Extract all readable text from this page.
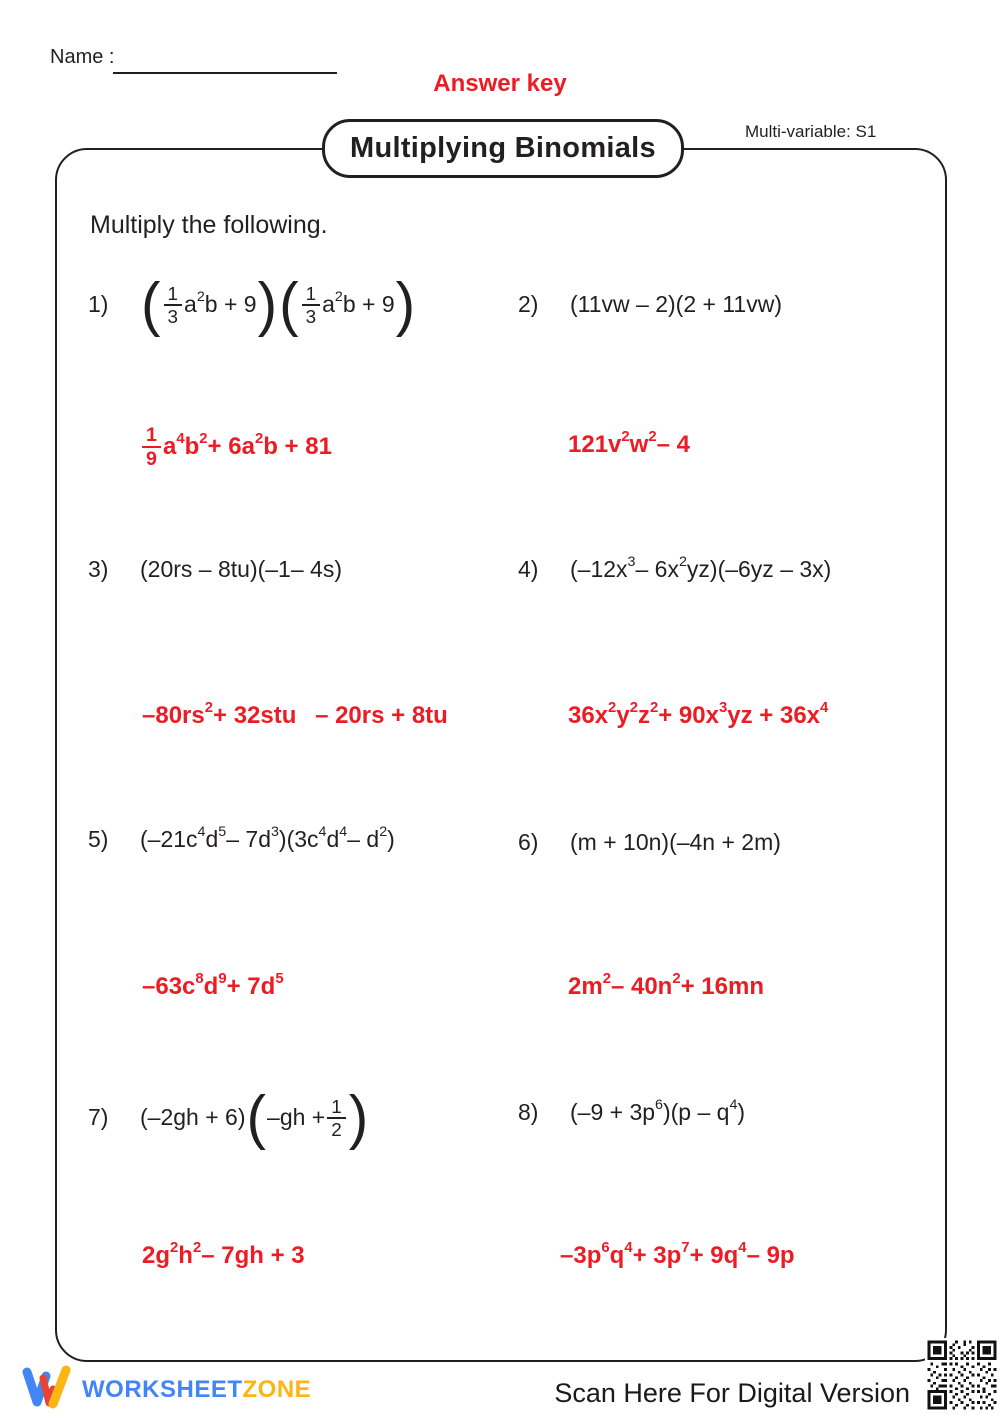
Name :
Answer key
Multiplying Binomials
Multi-variable: S1
Multiply the following.
1) ( $\frac{1}{3} a^2$ b + 9 ) ( $\frac{1}{3} a^2$ b + 9 )	2)	(11vw – 2)(2 + 11vw)
$\frac{1}{9} a^4$ $b^2 + 6a^2$ b + 81	$121v^2$ $w^2 - 4$
3)	(20rs – 8tu)(–1– 4s)	4)	($-12x^3 - 6x^2$ yz)(–6yz – 3x)
$-80rs^2 + 32stu$  – 20rs + 8tu	$36x^2$ $y^2$ $z^2 + 90x^3$ yz + $36x^4$
5)	($-21c^4$ $d^5 - 7d^3$ )($3c^4$ $d^4 - d^2$ )	6)	(m + 10n)(–4n + 2m)
$-63c^8$ $d^9 + 7d^5$	$2m^2 - 40n^2 + 16mn$
7)	(–2gh + 6) ( $-gh + \frac{1}{2}$ )	8)	($-9 + 3p^6$ )($p - q^4$ )
$2g^2$ $h^2 - 7gh + 3$	$-3p^6$ $q^4 + 3p^7 + 9q^4 - 9p$
WORKSHEETZONE	Scan Here For Digital Version
